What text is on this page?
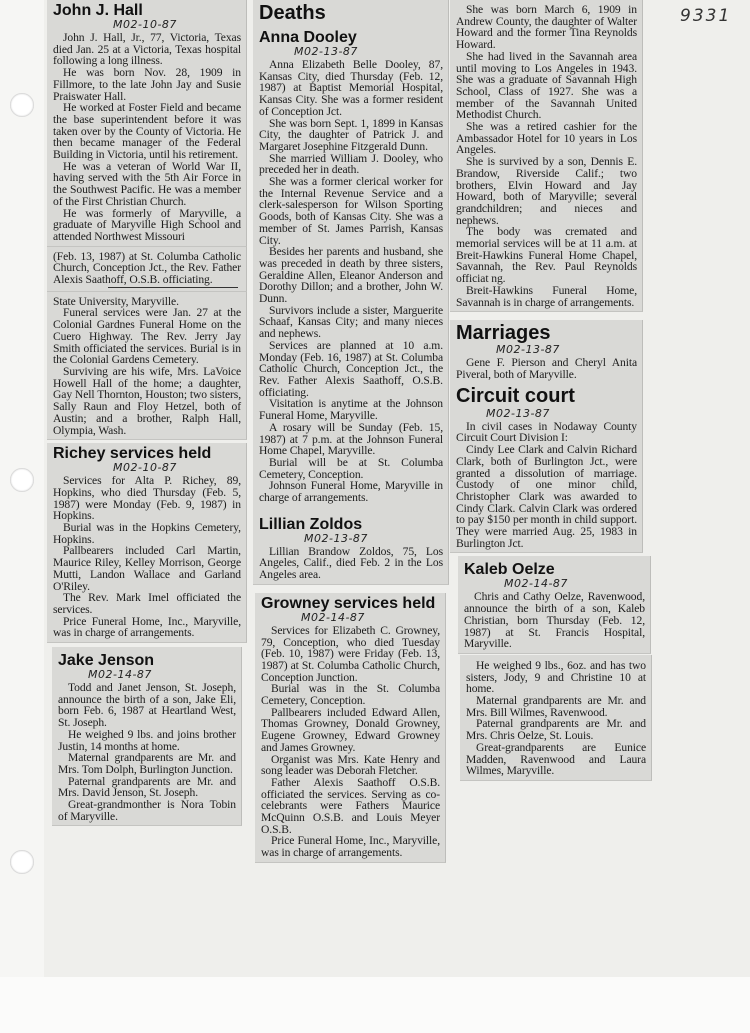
9331
John J. Hall
M02-10-87

John J. Hall, Jr., 77, Victoria, Texas died Jan. 25 at a Victoria, Texas hospital following a long illness.

He was born Nov. 28, 1909 in Fillmore, to the late John Jay and Susie Praiswater Hall.

He worked at Foster Field and became the base superintendent before it was taken over by the County of Victoria. He then became manager of the Federal Building in Victoria, until his retirement.

He was a veteran of World War II, having served with the 5th Air Force in the Southwest Pacific. He was a member of the First Christian Church.

He was formerly of Maryville, a graduate of Maryville High School and attended Northwest Missouri

(Feb. 13, 1987) at St. Columba Catholic Church, Conception Jct., the Rev. Father Alexis Saathoff, O.S.B. officiating.

State University, Maryville.

Funeral services were Jan. 27 at the Colonial Gardnes Funeral Home on the Cuero Highway. The Rev. Jerry Jay Smith officiated the services. Burial is in the Colonial Gardens Cemetery.

Surviving are his wife, Mrs. LaVoice Howell Hall of the home; a daughter, Gay Nell Thornton, Houston; two sisters, Sally Raun and Floy Hetzel, both of Austin; and a brother, Ralph Hall, Olympia, Wash.

Richey services held
M02-10-87

Services for Alta P. Richey, 89, Hopkins, who died Thursday (Feb. 5, 1987) were Monday (Feb. 9, 1987) in Hopkins.

Burial was in the Hopkins Cemetery, Hopkins.

Pallbearers included Carl Martin, Maurice Riley, Kelley Morrison, George Mutti, Landon Wallace and Garland O'Riley.

The Rev. Mark Imel officiated the services.

Price Funeral Home, Inc., Maryville, was in charge of arrangements.

Jake Jenson
M02-14-87

Todd and Janet Jenson, St. Joseph, announce the birth of a son, Jake Eli, born Feb. 6, 1987 at Heartland West, St. Joseph.

He weighed 9 lbs. and joins brother Justin, 14 months at home.

Maternal grandparents are Mr. and Mrs. Tom Dolph, Burlington Junction.

Paternal grandparents are Mr. and Mrs. David Jenson, St. Joseph.

Great-grandmonther is Nora Tobin of Maryville.

Deaths
Anna Dooley
M02-13-87

Anna Elizabeth Belle Dooley, 87, Kansas City, died Thursday (Feb. 12, 1987) at Baptist Memorial Hospital, Kansas City. She was a former resident of Conception Jct.

She was born Sept. 1, 1899 in Kansas City, the daughter of Patrick J. and Margaret Josephine Fitzgerald Dunn.

She married William J. Dooley, who preceded her in death.

She was a former clerical worker for the Internal Revenue Service and a clerk-salesperson for Wilson Sporting Goods, both of Kansas City. She was a member of St. James Parrish, Kansas City.

Besides her parents and husband, she was preceded in death by three sisters, Geraldine Allen, Eleanor Anderson and Dorothy Dillon; and a brother, John W. Dunn.

Survivors include a sister, Marguerite Schaaf, Kansas City; and many nieces and nephews.

Services are planned at 10 a.m. Monday (Feb. 16, 1987) at St. Columba Catholic Church, Conception Jct., the Rev. Father Alexis Saathoff, O.S.B. officiating.

Visitation is anytime at the Johnson Funeral Home, Maryville.

A rosary will be Sunday (Feb. 15, 1987) at 7 p.m. at the Johnson Funeral Home Chapel, Maryville.

Burial will be at St. Columba Cemetery, Conception.

Johnson Funeral Home, Maryville in charge of arrangements.

Lillian Zoldos
M02-13-87

Lillian Brandow Zoldos, 75, Los Angeles, Calif., died Feb. 2 in the Los Angeles area.

Growney services held
M02-14-87

Services for Elizabeth C. Growney, 79, Conception, who died Tuesday (Feb. 10, 1987) were Friday (Feb. 13, 1987) at St. Columba Catholic Church, Conception Junction.

Burial was in the St. Columba Cemetery, Conception.

Pallbearers included Edward Allen, Thomas Growney, Donald Growney, Eugene Growney, Edward Growney and James Growney.

Organist was Mrs. Kate Henry and song leader was Deborah Fletcher.

Father Alexis Saathoff O.S.B. officiated the services. Serving as co-celebrants were Fathers Maurice McQuinn O.S.B. and Louis Meyer O.S.B.

Price Funeral Home, Inc., Maryville, was in charge of arrangements.

She was born March 6, 1909 in Andrew County, the daughter of Walter Howard and the former Tina Reynolds Howard.

She had lived in the Savannah area until moving to Los Angeles in 1943. She was a graduate of Savannah High School, Class of 1927. She was a member of the Savannah United Methodist Church.

She was a retired cashier for the Ambassador Hotel for 10 years in Los Angeles.

She is survived by a son, Dennis E. Brandow, Riverside Calif.; two brothers, Elvin Howard and Jay Howard, both of Maryville; several grandchildren; and nieces and nephews.

The body was cremated and memorial services will be at 11 a.m. at Breit-Hawkins Funeral Home Chapel, Savannah, the Rev. Paul Reynolds officiat ng.

Breit-Hawkins Funeral Home, Savannah is in charge of arrangements.

Marriages
M02-13-87

Gene F. Pierson and Cheryl Anita Piveral, both of Maryville.

Circuit court
M02-13-87

In civil cases in Nodaway County Circuit Court Division I:

Cindy Lee Clark and Calvin Richard Clark, both of Burlington Jct., were granted a dissolution of marriage. Custody of one minor child, Christopher Clark was awarded to Cindy Clark. Calvin Clark was ordered to pay $150 per month in child support. They were married Aug. 25, 1983 in Burlington Jct.

Kaleb Oelze
M02-14-87

Chris and Cathy Oelze, Ravenwood, announce the birth of a son, Kaleb Christian, born Thursday (Feb. 12, 1987) at St. Francis Hospital, Maryville.

He weighed 9 lbs., 6oz. and has two sisters, Jody, 9 and Christine 10 at home.

Maternal grandparents are Mr. and Mrs. Bill Wilmes, Ravenwood.

Paternal grandparents are Mr. and Mrs. Chris Oelze, St. Louis.

Great-grandparents are Eunice Madden, Ravenwood and Laura Wilmes, Maryville.
